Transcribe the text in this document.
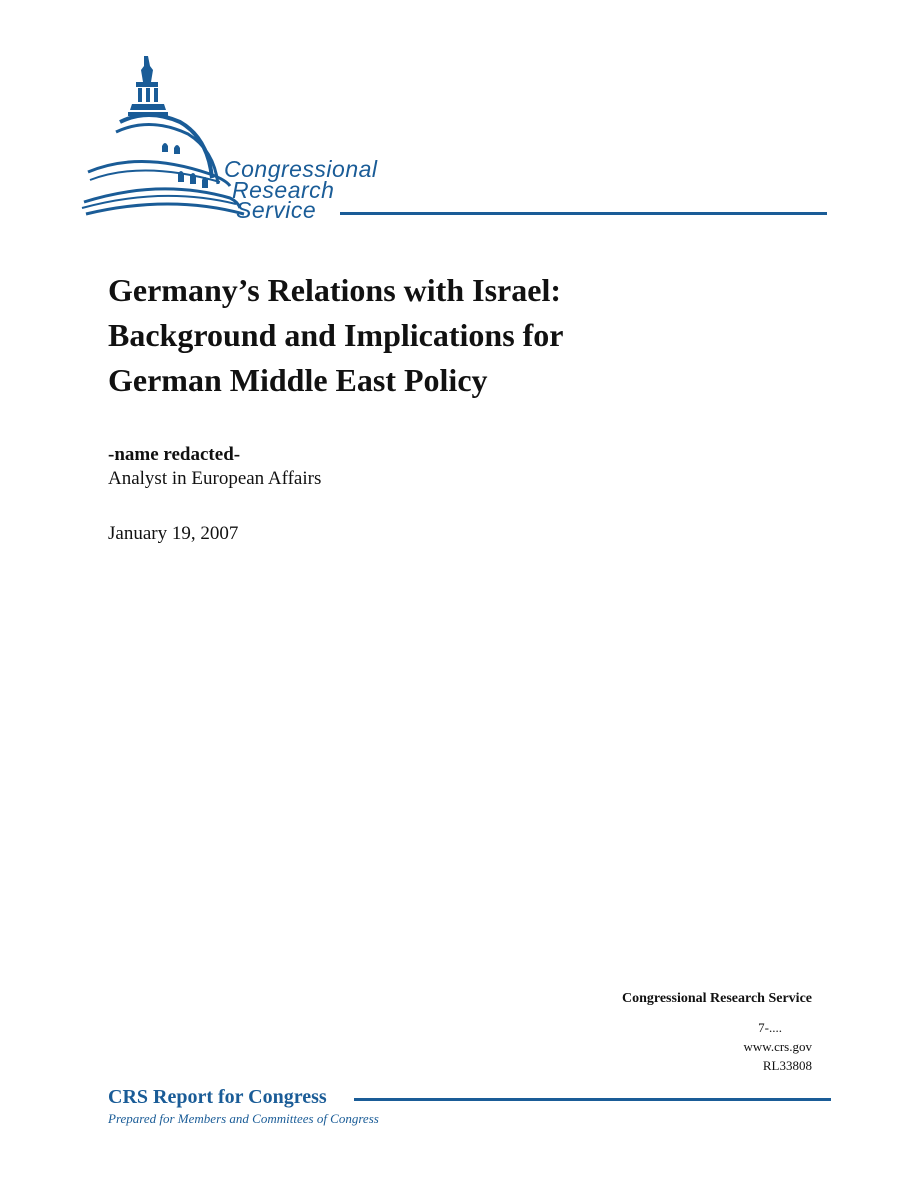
Congressional
Research
Service
Germany’s Relations with Israel:
Background and Implications for
German Middle East Policy
-name redacted-
Analyst in European Affairs
January 19, 2007
Congressional Research Service
7-....
www.crs.gov
RL33808
CRS Report for Congress
Prepared for Members and Committees of Congress
